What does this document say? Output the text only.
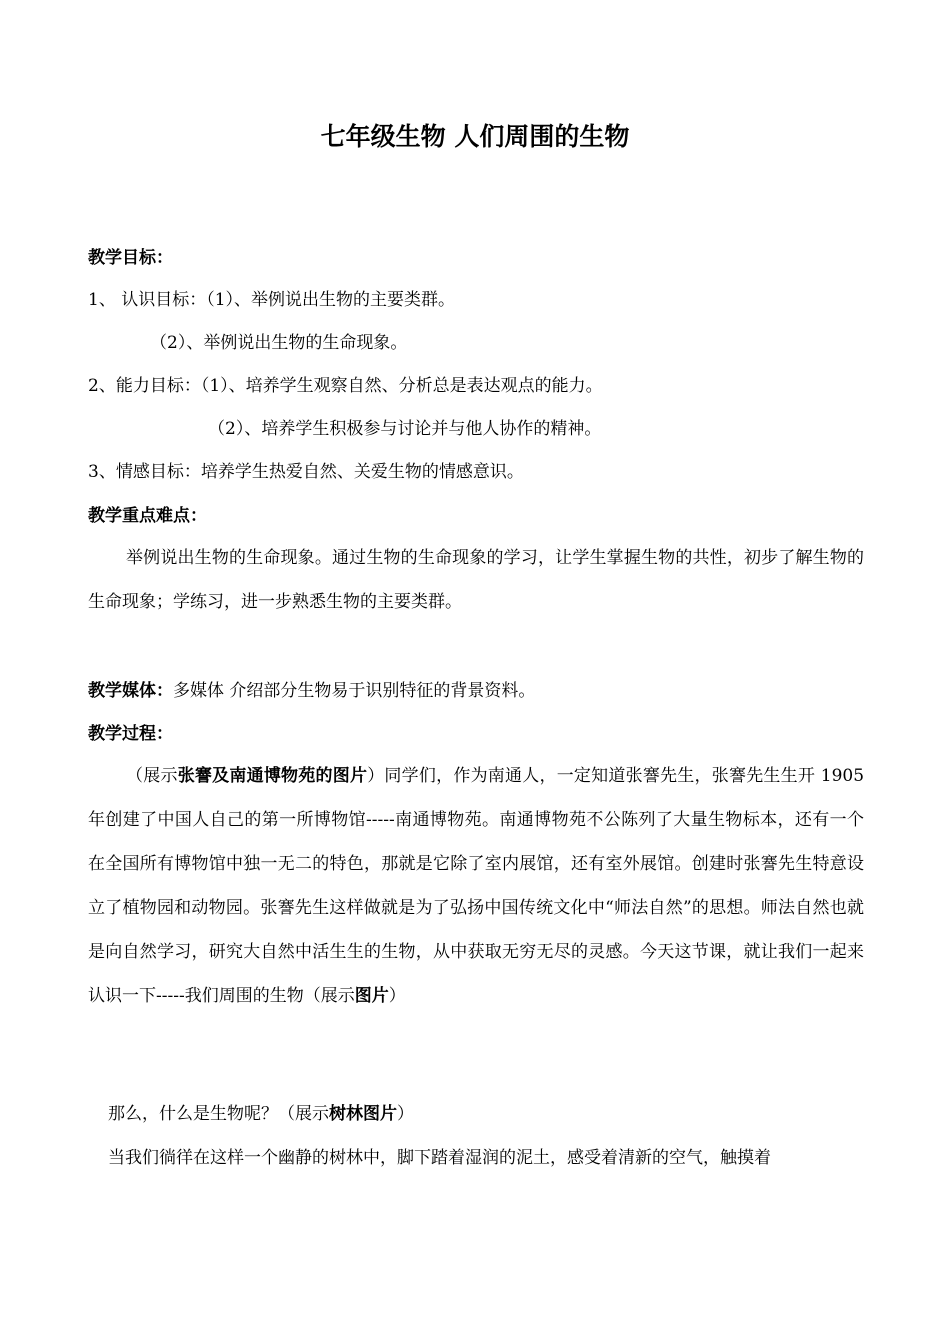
七年级生物 人们周围的生物
教学目标：
1、 认识目标：（1）、举例说出生物的主要类群。
（2）、举例说出生物的生命现象。
2、能力目标：（1）、培养学生观察自然、分析总是表达观点的能力。
（2）、培养学生积极参与讨论并与他人协作的精神。
3、情感目标：培养学生热爱自然、关爱生物的情感意识。
教学重点难点：
举例说出生物的生命现象。通过生物的生命现象的学习，让学生掌握生物的共性，初步了解生物的生命现象；学练习，进一步熟悉生物的主要类群。
教学媒体：多媒体 介绍部分生物易于识别特征的背景资料。
教学过程：
（展示张謇及南通博物苑的图片）同学们，作为南通人，一定知道张謇先生，张謇先生生开 1905 年创建了中国人自己的第一所博物馆-----南通博物苑。南通博物苑不公陈列了大量生物标本，还有一个在全国所有博物馆中独一无二的特色，那就是它除了室内展馆，还有室外展馆。创建时张謇先生特意设立了植物园和动物园。张謇先生这样做就是为了弘扬中国传统文化中“师法自然”的思想。师法自然也就是向自然学习，研究大自然中活生生的生物，从中获取无穷无尽的灵感。今天这节课，就让我们一起来认识一下-----我们周围的生物（展示图片）
那么，什么是生物呢？（展示树林图片）
当我们徜徉在这样一个幽静的树林中，脚下踏着湿润的泥土，感受着清新的空气，触摸着
